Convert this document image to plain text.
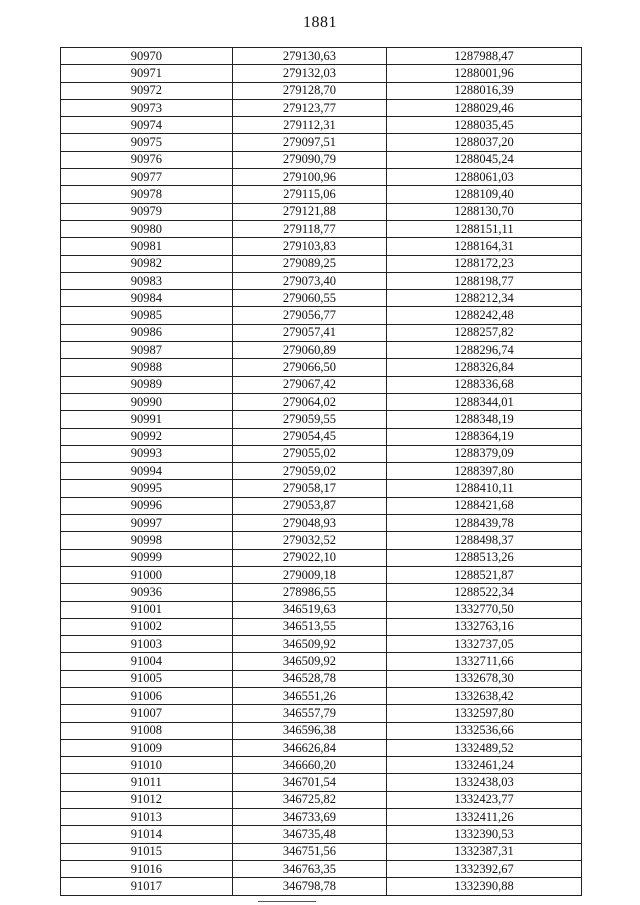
1881
90970	279130,63	1287988,47
90971	279132,03	1288001,96
90972	279128,70	1288016,39
90973	279123,77	1288029,46
90974	279112,31	1288035,45
90975	279097,51	1288037,20
90976	279090,79	1288045,24
90977	279100,96	1288061,03
90978	279115,06	1288109,40
90979	279121,88	1288130,70
90980	279118,77	1288151,11
90981	279103,83	1288164,31
90982	279089,25	1288172,23
90983	279073,40	1288198,77
90984	279060,55	1288212,34
90985	279056,77	1288242,48
90986	279057,41	1288257,82
90987	279060,89	1288296,74
90988	279066,50	1288326,84
90989	279067,42	1288336,68
90990	279064,02	1288344,01
90991	279059,55	1288348,19
90992	279054,45	1288364,19
90993	279055,02	1288379,09
90994	279059,02	1288397,80
90995	279058,17	1288410,11
90996	279053,87	1288421,68
90997	279048,93	1288439,78
90998	279032,52	1288498,37
90999	279022,10	1288513,26
91000	279009,18	1288521,87
90936	278986,55	1288522,34
91001	346519,63	1332770,50
91002	346513,55	1332763,16
91003	346509,92	1332737,05
91004	346509,92	1332711,66
91005	346528,78	1332678,30
91006	346551,26	1332638,42
91007	346557,79	1332597,80
91008	346596,38	1332536,66
91009	346626,84	1332489,52
91010	346660,20	1332461,24
91011	346701,54	1332438,03
91012	346725,82	1332423,77
91013	346733,69	1332411,26
91014	346735,48	1332390,53
91015	346751,56	1332387,31
91016	346763,35	1332392,67
91017	346798,78	1332390,88
